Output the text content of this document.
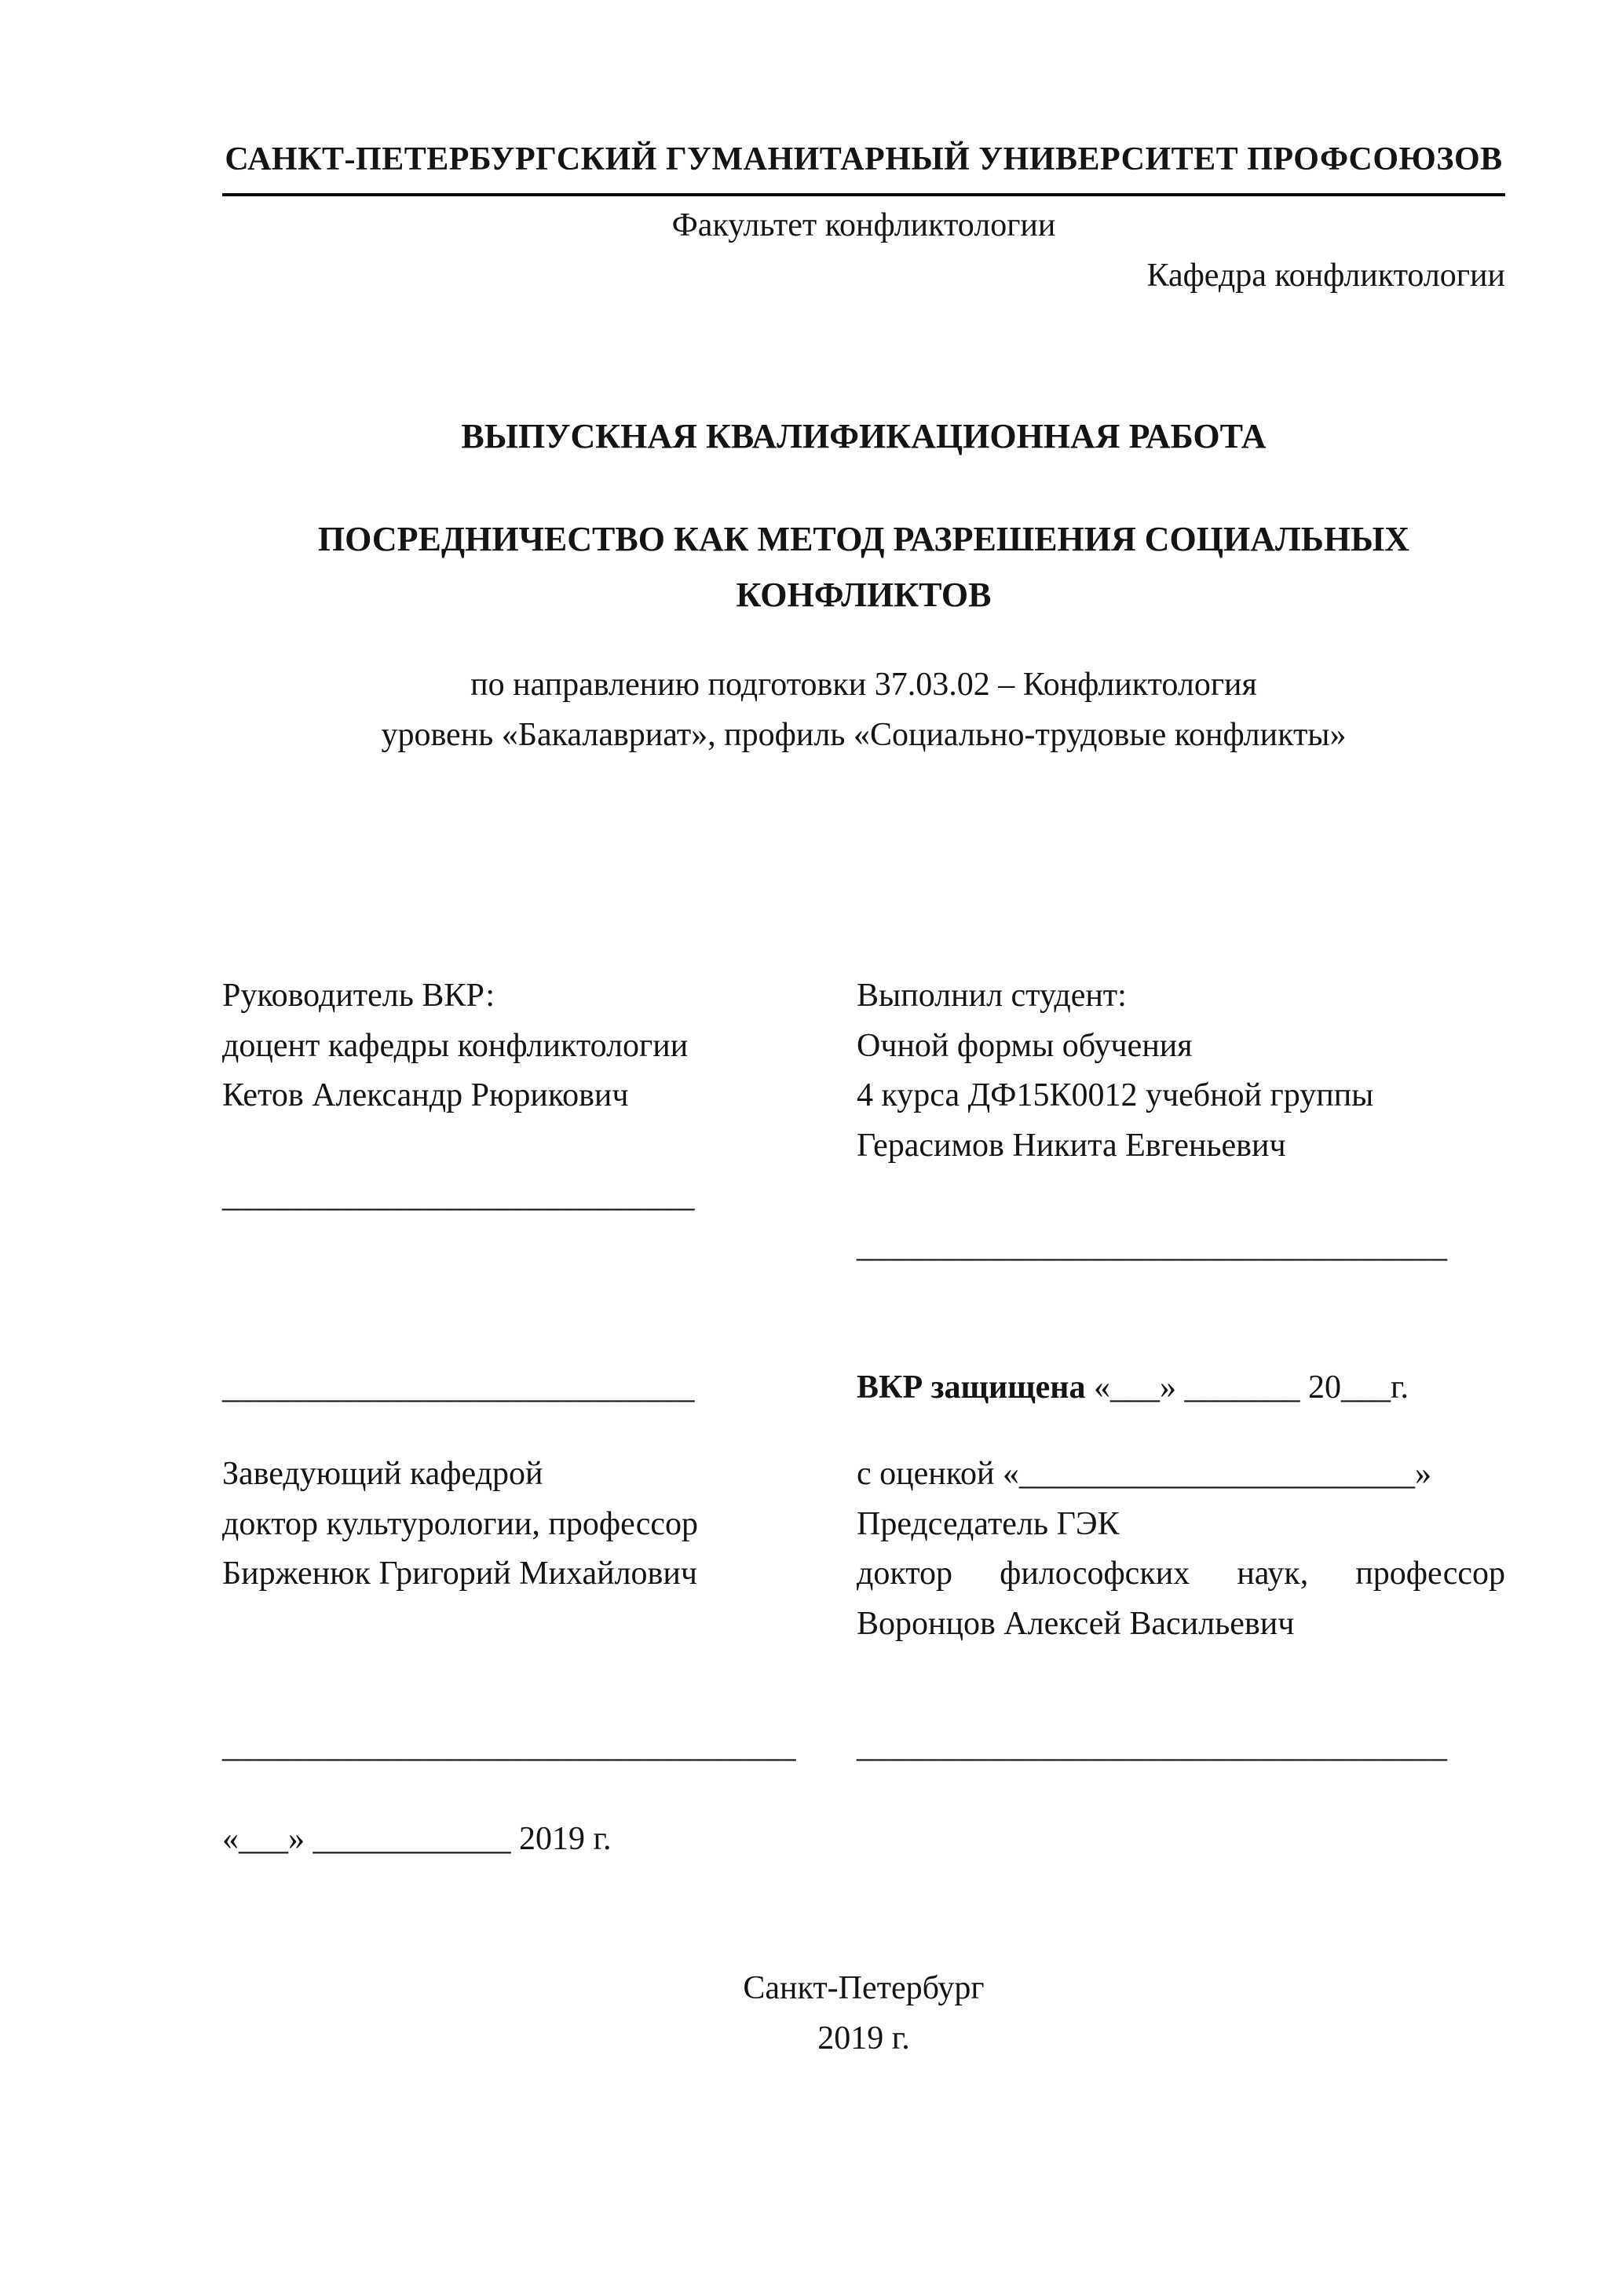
САНКТ-ПЕТЕРБУРГСКИЙ ГУМАНИТАРНЫЙ УНИВЕРСИТЕТ ПРОФСОЮЗОВ
Факультет конфликтологии
Кафедра конфликтологии
ВЫПУСКНАЯ КВАЛИФИКАЦИОННАЯ РАБОТА
ПОСРЕДНИЧЕСТВО КАК МЕТОД РАЗРЕШЕНИЯ СОЦИАЛЬНЫХ КОНФЛИКТОВ
по направлению подготовки 37.03.02 – Конфликтология
уровень «Бакалавриат», профиль «Социально-трудовые конфликты»
Руководитель ВКР:
доцент кафедры конфликтологии
Кетов Александр Рюрикович
____________________________
Выполнил студент:
Очной формы обучения
4 курса ДФ15К0012 учебной группы
Герасимов Никита Евгеньевич
___________________________________
____________________________	ВКР защищена «___» _______ 20___г.
Заведующий кафедрой
доктор культурологии, профессор
Бирженюк Григорий Михайлович
с оценкой «________________________»
Председатель ГЭК
доктор философских наук, профессор Воронцов Алексей Васильевич
__________________________________	___________________________________
«___» ____________ 2019 г.
Санкт-Петербург
2019 г.
